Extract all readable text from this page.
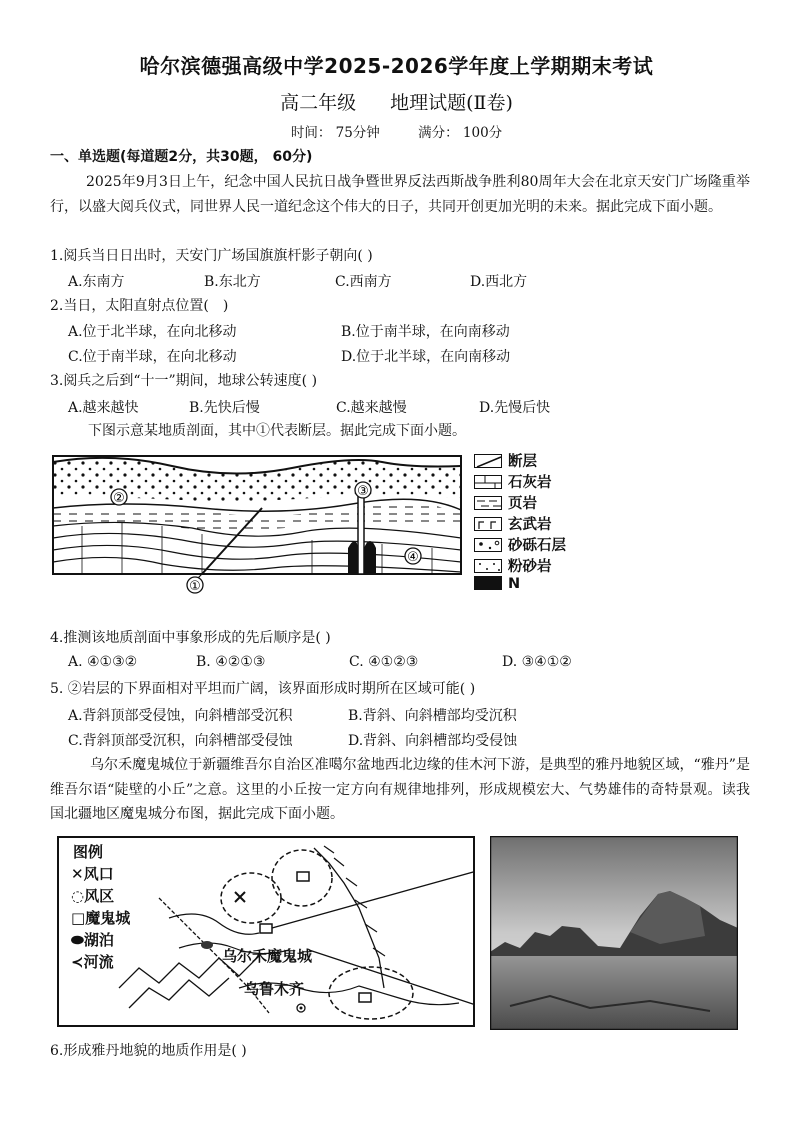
哈尔滨德强高级中学2025-2026学年度上学期期末考试
高二年级 地理试题(Ⅱ卷)
时间： 75分钟	满分： 100分
一、单选题(每道题2分，共30题， 60分)
2025年9月3日上午，纪念中国人民抗日战争暨世界反法西斯战争胜利80周年大会在北京天安门广场隆重举行，以盛大阅兵仪式，同世界人民一道纪念这个伟大的日子，共同开创更加光明的未来。据此完成下面小题。
1.阅兵当日日出时，天安门广场国旗旗杆影子朝向( )
A.东南方	B.东北方	C.西南方	D.西北方
2.当日，太阳直射点位置(　)
A.位于北半球，在向北移动	B.位于南半球，在向南移动
C.位于南半球，在向北移动	D.位于北半球，在向南移动
3.阅兵之后到“十一”期间，地球公转速度( )
A.越来越快	B.先快后慢	C.越来越慢	D.先慢后快
下图示意某地质剖面，其中①代表断层。据此完成下面小题。
②	③
④
①
断层
石灰岩
页岩
玄武岩
砂砾石层
粉砂岩
N
4.推测该地质剖面中事象形成的先后顺序是( )
A. ④①③②	B. ④②①③	C. ④①②③	D. ③④①②
5. ②岩层的下界面相对平坦而广阔，该界面形成时期所在区域可能( )
A.背斜顶部受侵蚀，向斜槽部受沉积	B.背斜、向斜槽部均受沉积
C.背斜顶部受沉积，向斜槽部受侵蚀	D.背斜、向斜槽部均受侵蚀
乌尔禾魔鬼城位于新疆维吾尔自治区准噶尔盆地西北边缘的佳木河下游，是典型的雅丹地貌区域，“雅丹”是维吾尔语“陡壁的小丘”之意。这里的小丘按一定方向有规律地排列，形成规模宏大、气势雄伟的奇特景观。读我国北疆地区魔鬼城分布图，据此完成下面小题。
图例
✕风口
◌风区
□魔鬼城
⬬湖泊
≺河流	乌尔禾魔鬼城
乌鲁木齐
6.形成雅丹地貌的地质作用是( )
